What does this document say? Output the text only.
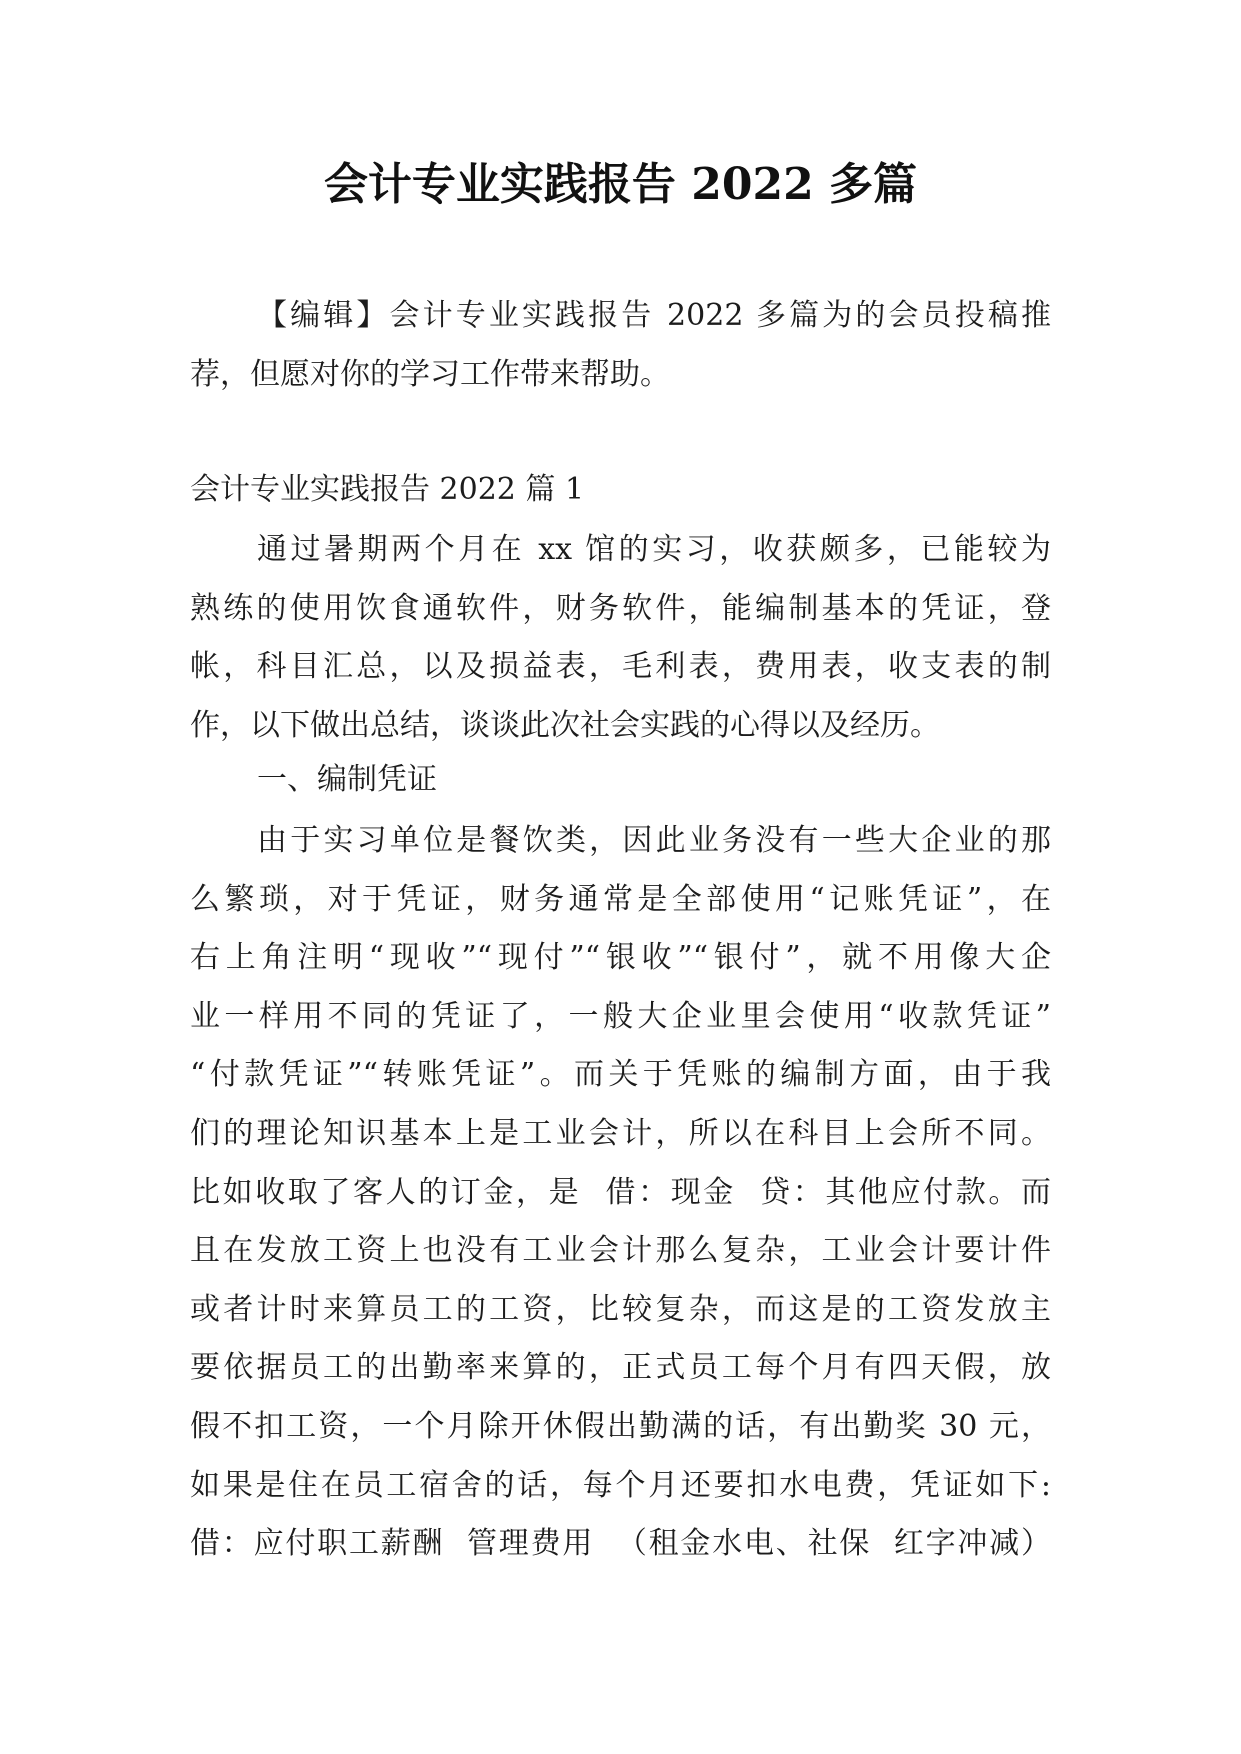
会计专业实践报告 2022 多篇
【编辑】会计专业实践报告 2022 多篇为的会员投稿推
荐，但愿对你的学习工作带来帮助。
会计专业实践报告 2022 篇 1
通过暑期两个月在 xx 馆的实习，收获颇多，已能较为
熟练的使用饮食通软件，财务软件，能编制基本的凭证，登
帐，科目汇总，以及损益表，毛利表，费用表，收支表的制
作，以下做出总结，谈谈此次社会实践的心得以及经历。
一、编制凭证
由于实习单位是餐饮类，因此业务没有一些大企业的那
么繁琐，对于凭证，财务通常是全部使用“记账凭证”，在
右上角注明“现收”“现付”“银收”“银付”，就不用像大企
业一样用不同的凭证了，一般大企业里会使用“收款凭证”
“付款凭证”“转账凭证”。而关于凭账的编制方面，由于我
们的理论知识基本上是工业会计，所以在科目上会所不同。
比如收取了客人的订金，是  借：现金  贷：其他应付款。而
且在发放工资上也没有工业会计那么复杂，工业会计要计件
或者计时来算员工的工资，比较复杂，而这是的工资发放主
要依据员工的出勤率来算的，正式员工每个月有四天假，放
假不扣工资，一个月除开休假出勤满的话，有出勤奖 30 元，
如果是住在员工宿舍的话，每个月还要扣水电费，凭证如下:
借：应付职工薪酬  管理费用  （租金水电、社保  红字冲减）
